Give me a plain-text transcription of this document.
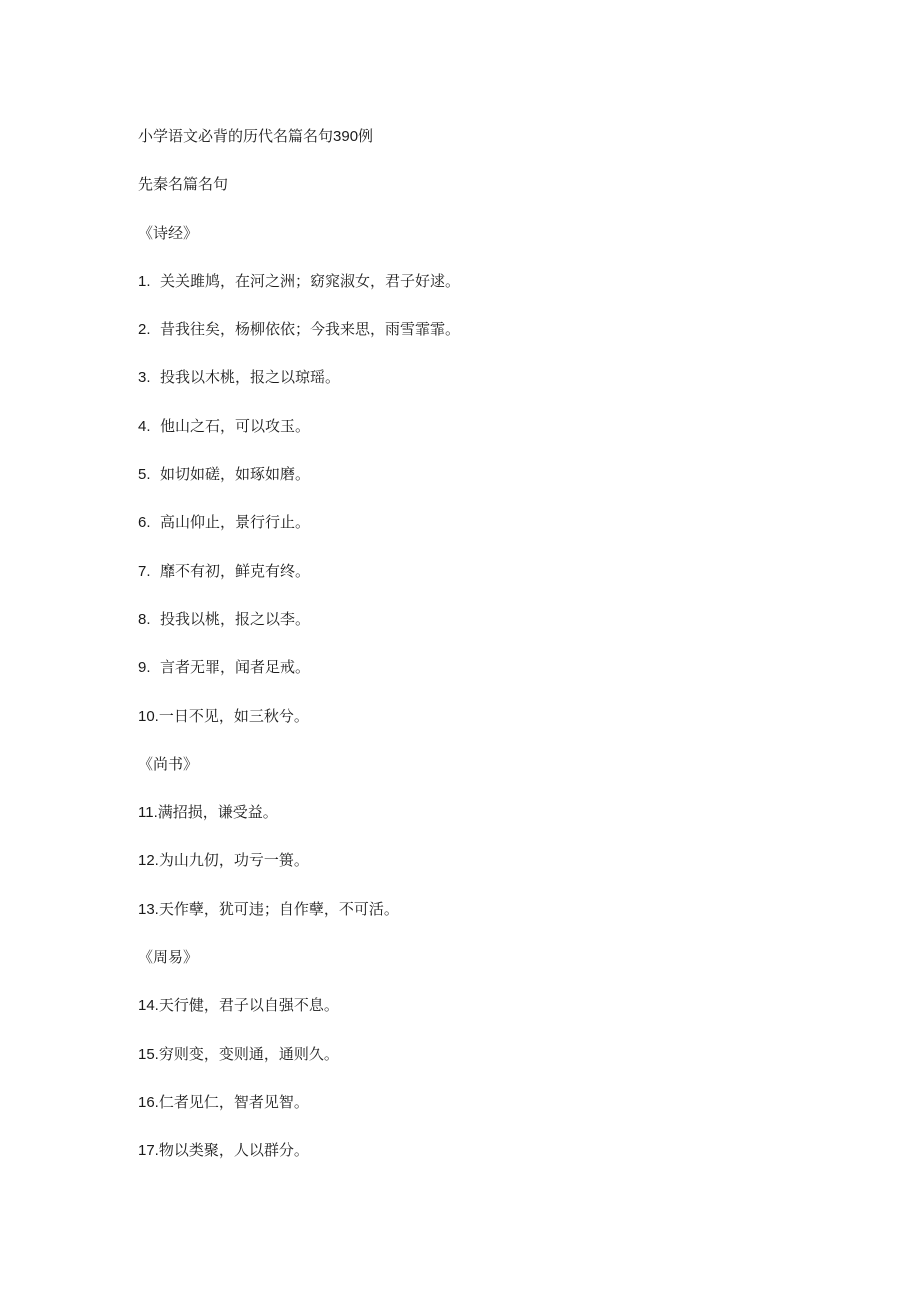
小学语文必背的历代名篇名句390例
先秦名篇名句
《诗经》
1. 关关雎鸠，在河之洲；窈窕淑女，君子好逑。
2. 昔我往矣，杨柳依依；今我来思，雨雪霏霏。
3. 投我以木桃，报之以琼瑶。
4. 他山之石，可以攻玉。
5. 如切如磋，如琢如磨。
6. 高山仰止，景行行止。
7. 靡不有初，鲜克有终。
8. 投我以桃，报之以李。
9. 言者无罪，闻者足戒。
10.一日不见，如三秋兮。
《尚书》
11.满招损，谦受益。
12.为山九仞，功亏一篑。
13.天作孽，犹可违；自作孽，不可活。
《周易》
14.天行健，君子以自强不息。
15.穷则变，变则通，通则久。
16.仁者见仁，智者见智。
17.物以类聚，人以群分。
